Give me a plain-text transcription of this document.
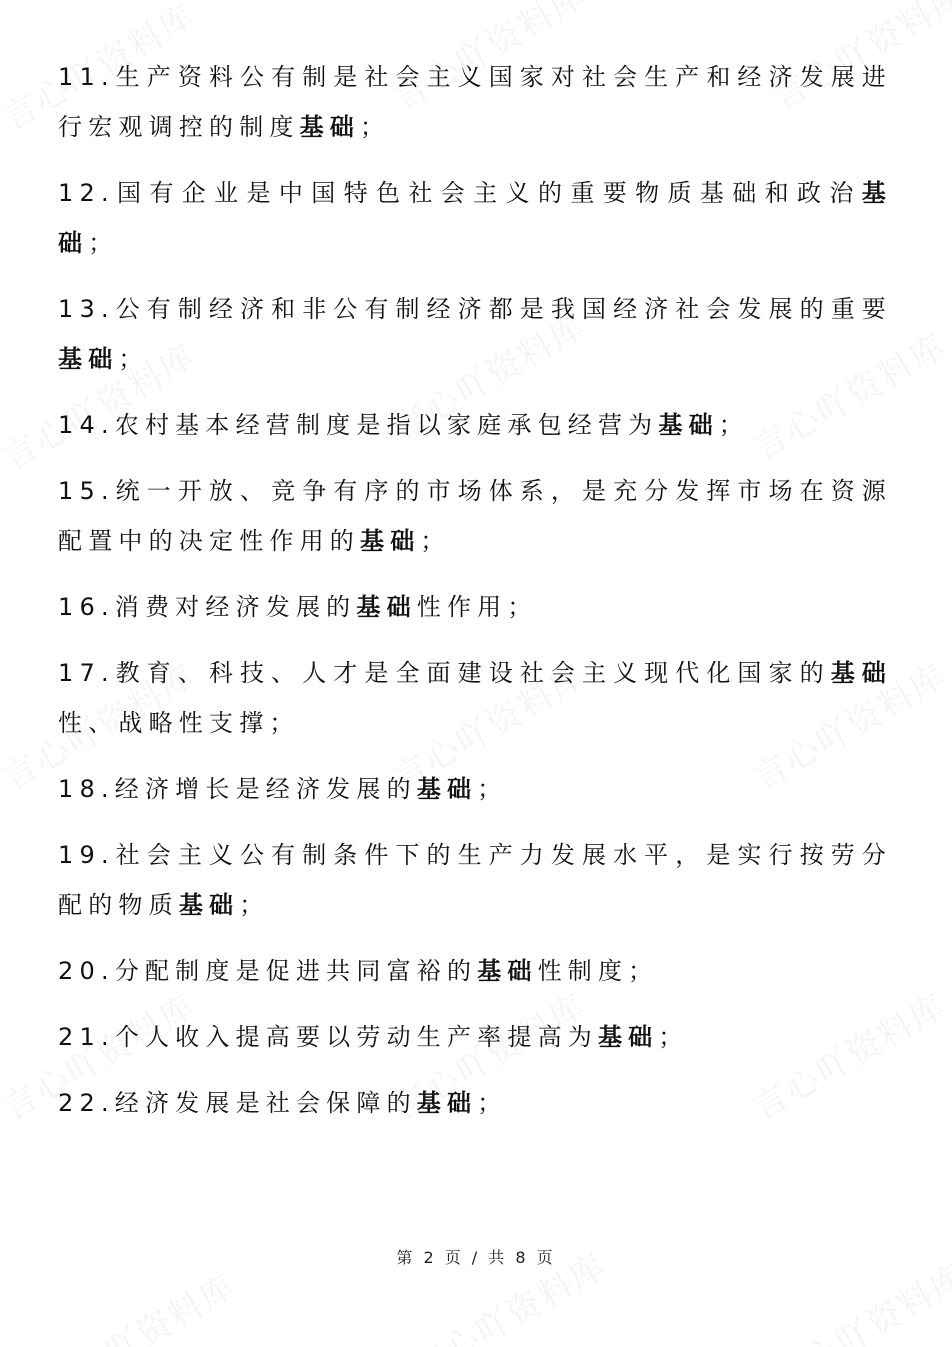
11.生产资料公有制是社会主义国家对社会生产和经济发展进行宏观调控的制度基础；

12.国有企业是中国特色社会主义的重要物质基础和政治基础；

13.公有制经济和非公有制经济都是我国经济社会发展的重要基础；

14.农村基本经营制度是指以家庭承包经营为基础；

15.统一开放、竞争有序的市场体系，是充分发挥市场在资源配置中的决定性作用的基础；

16.消费对经济发展的基础性作用；

17.教育、科技、人才是全面建设社会主义现代化国家的基础性、战略性支撑；

18.经济增长是经济发展的基础；

19.社会主义公有制条件下的生产力发展水平，是实行按劳分配的物质基础；

20.分配制度是促进共同富裕的基础性制度；

21.个人收入提高要以劳动生产率提高为基础；

22.经济发展是社会保障的基础；

第 2 页 / 共 8 页
